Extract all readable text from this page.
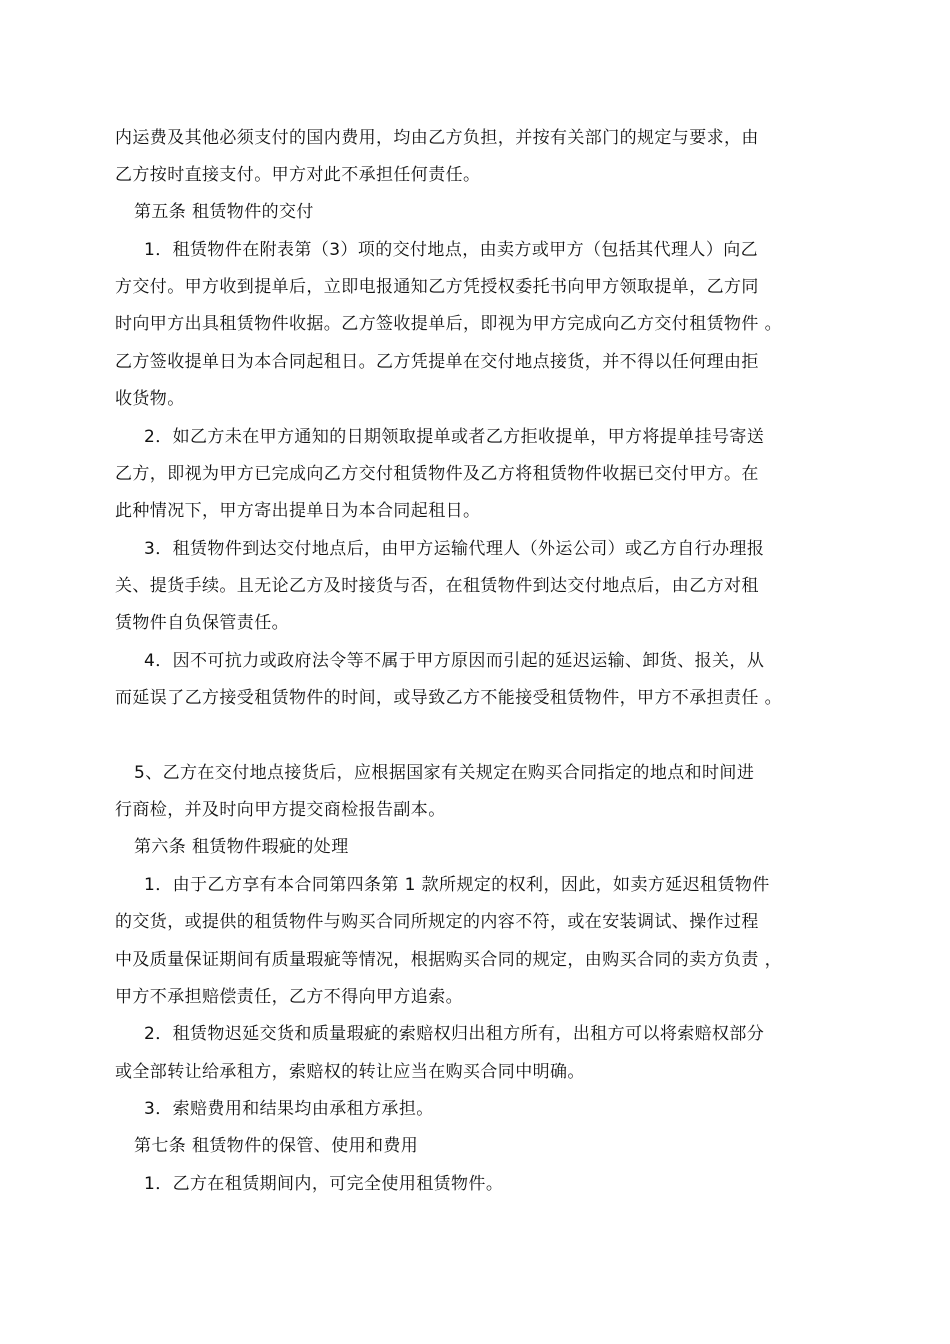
内运费及其他必须支付的国内费用，均由乙方负担，并按有关部门的规定与要求，由
乙方按时直接支付。甲方对此不承担任何责任。
第五条 租赁物件的交付
1．租赁物件在附表第（3）项的交付地点，由卖方或甲方（包括其代理人）向乙
方交付。甲方收到提单后，立即电报通知乙方凭授权委托书向甲方领取提单，乙方同
时向甲方出具租赁物件收据。乙方签收提单后，即视为甲方完成向乙方交付租赁物件 。
乙方签收提单日为本合同起租日。乙方凭提单在交付地点接货，并不得以任何理由拒
收货物。
2．如乙方未在甲方通知的日期领取提单或者乙方拒收提单，甲方将提单挂号寄送
乙方，即视为甲方已完成向乙方交付租赁物件及乙方将租赁物件收据已交付甲方。在
此种情况下，甲方寄出提单日为本合同起租日。
3．租赁物件到达交付地点后，由甲方运输代理人（外运公司）或乙方自行办理报
关、提货手续。且无论乙方及时接货与否，在租赁物件到达交付地点后，由乙方对租
赁物件自负保管责任。
4．因不可抗力或政府法令等不属于甲方原因而引起的延迟运输、卸货、报关，从
而延误了乙方接受租赁物件的时间，或导致乙方不能接受租赁物件，甲方不承担责任 。
5、乙方在交付地点接货后，应根据国家有关规定在购买合同指定的地点和时间进
行商检，并及时向甲方提交商检报告副本。
第六条 租赁物件瑕疵的处理
1．由于乙方享有本合同第四条第 1 款所规定的权利，因此，如卖方延迟租赁物件
的交货，或提供的租赁物件与购买合同所规定的内容不符，或在安装调试、操作过程
中及质量保证期间有质量瑕疵等情况，根据购买合同的规定，由购买合同的卖方负责 ，
甲方不承担赔偿责任，乙方不得向甲方追索。
2．租赁物迟延交货和质量瑕疵的索赔权归出租方所有，出租方可以将索赔权部分
或全部转让给承租方，索赔权的转让应当在购买合同中明确。
3．索赔费用和结果均由承租方承担。
第七条 租赁物件的保管、使用和费用
1．乙方在租赁期间内，可完全使用租赁物件。
